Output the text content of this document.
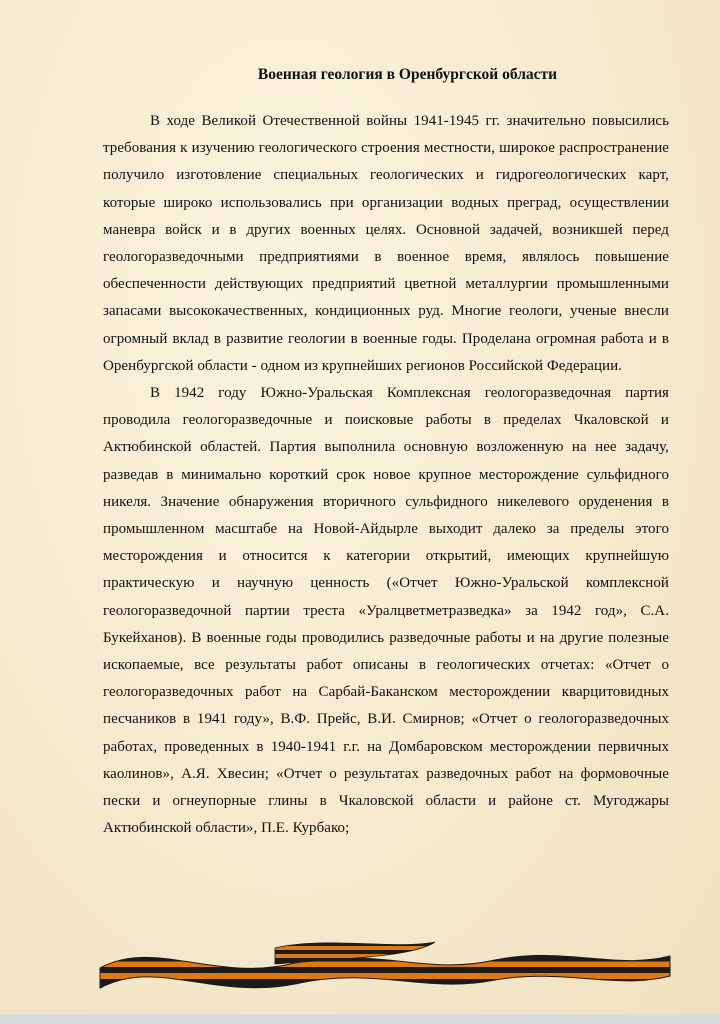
Военная геология в Оренбургской области

В ходе Великой Отечественной войны 1941-1945 гг. значительно повысились требования к изучению геологического строения местности, широкое распространение получило изготовление специальных геологических и гидрогеологических карт, которые широко использовались при организации водных преград, осуществлении маневра войск и в других военных целях. Основной задачей, возникшей перед геологоразведочными предприятиями в военное время, являлось повышение обеспеченности действующих предприятий цветной металлургии промышленными запасами высококачественных, кондиционных руд. Многие геологи, ученые внесли огромный вклад в развитие геологии в военные годы. Проделана огромная работа и в Оренбургской области - одном из крупнейших регионов Российской Федерации.

В 1942 году Южно-Уральская Комплексная геологоразведочная партия проводила геологоразведочные и поисковые работы в пределах Чкаловской и Актюбинской областей. Партия выполнила основную возложенную на нее задачу, разведав в минимально короткий срок новое крупное месторождение сульфидного никеля. Значение обнаружения вторичного сульфидного никелевого оруденения в промышленном масштабе на Новой-Айдырле выходит далеко за пределы этого месторождения и относится к категории открытий, имеющих крупнейшую практическую и научную ценность («Отчет Южно-Уральской комплексной геологоразведочной партии треста «Уралцветметразведка» за 1942 год», С.А. Букейханов). В военные годы проводились разведочные работы и на другие полезные ископаемые, все результаты работ описаны в геологических отчетах: «Отчет о геологоразведочных работ на Сарбай-Баканском месторождении кварцитовидных песчаников в 1941 году», В.Ф. Прейс, В.И. Смирнов; «Отчет о геологоразведочных работах, проведенных в 1940-1941 г.г. на Домбаровском месторождении первичных каолинов», А.Я. Хвесин; «Отчет о результатах разведочных работ на формовочные пески и огнеупорные глины в Чкаловской области и районе ст. Мугоджары Актюбинской области», П.Е. Курбако;
